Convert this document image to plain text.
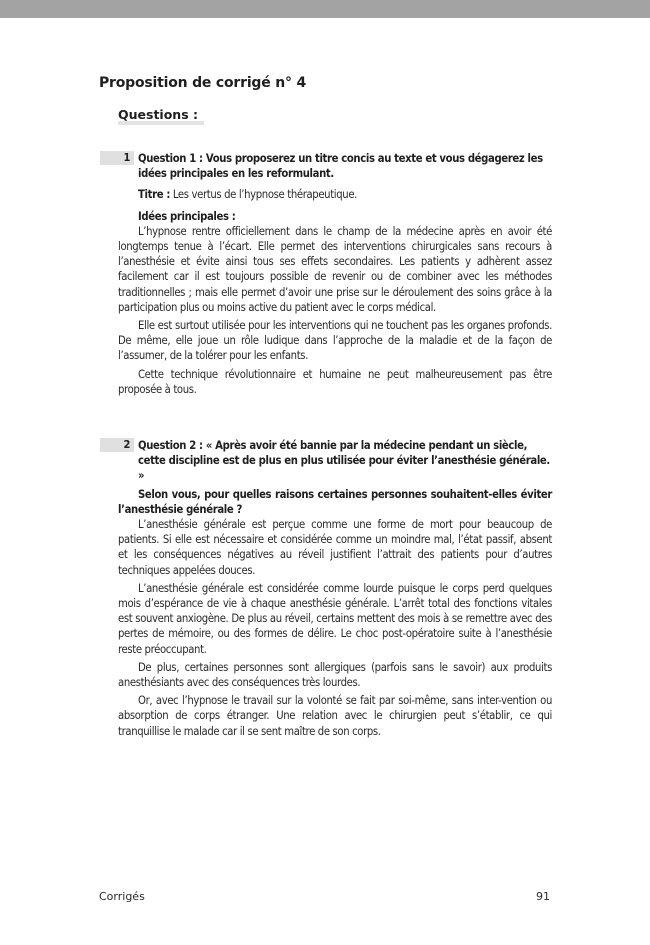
Proposition de corrigé n° 4
Questions :
1 Question 1 : Vous proposerez un titre concis au texte et vous dégagerez les idées principales en les reformulant.

Titre : Les vertus de l’hypnose thérapeutique.

Idées principales :

L’hypnose rentre officiellement dans le champ de la médecine après en avoir été longtemps tenue à l’écart. Elle permet des interventions chirurgicales sans recours à l’anesthésie et évite ainsi tous ses effets secondaires. Les patients y adhèrent assez facilement car il est toujours possible de revenir ou de combiner avec les méthodes traditionnelles ; mais elle permet d’avoir une prise sur le déroulement des soins grâce à la participation plus ou moins active du patient avec le corps médical.

Elle est surtout utilisée pour les interventions qui ne touchent pas les organes profonds. De même, elle joue un rôle ludique dans l’approche de la maladie et de la façon de l’assumer, de la tolérer pour les enfants.

Cette technique révolutionnaire et humaine ne peut malheureusement pas être proposée à tous.

2 Question 2 : « Après avoir été bannie par la médecine pendant un siècle, cette discipline est de plus en plus utilisée pour éviter l’anesthésie générale. »

Selon vous, pour quelles raisons certaines personnes souhaitent-elles éviter l’anesthésie générale ?

L’anesthésie générale est perçue comme une forme de mort pour beaucoup de patients. Si elle est nécessaire et considérée comme un moindre mal, l’état passif, absent et les conséquences négatives au réveil justifient l’attrait des patients pour d’autres techniques appelées douces.

L’anesthésie générale est considérée comme lourde puisque le corps perd quelques mois d’espérance de vie à chaque anesthésie générale. L’arrêt total des fonctions vitales est souvent anxiogène. De plus au réveil, certains mettent des mois à se remettre avec des pertes de mémoire, ou des formes de délire. Le choc post-opératoire suite à l’anesthésie reste préoccupant.

De plus, certaines personnes sont allergiques (parfois sans le savoir) aux produits anesthésiants avec des conséquences très lourdes.

Or, avec l’hypnose le travail sur la volonté se fait par soi-même, sans inter-vention ou absorption de corps étranger. Une relation avec le chirurgien peut s’établir, ce qui tranquillise le malade car il se sent maître de son corps.

Corrigés	91
